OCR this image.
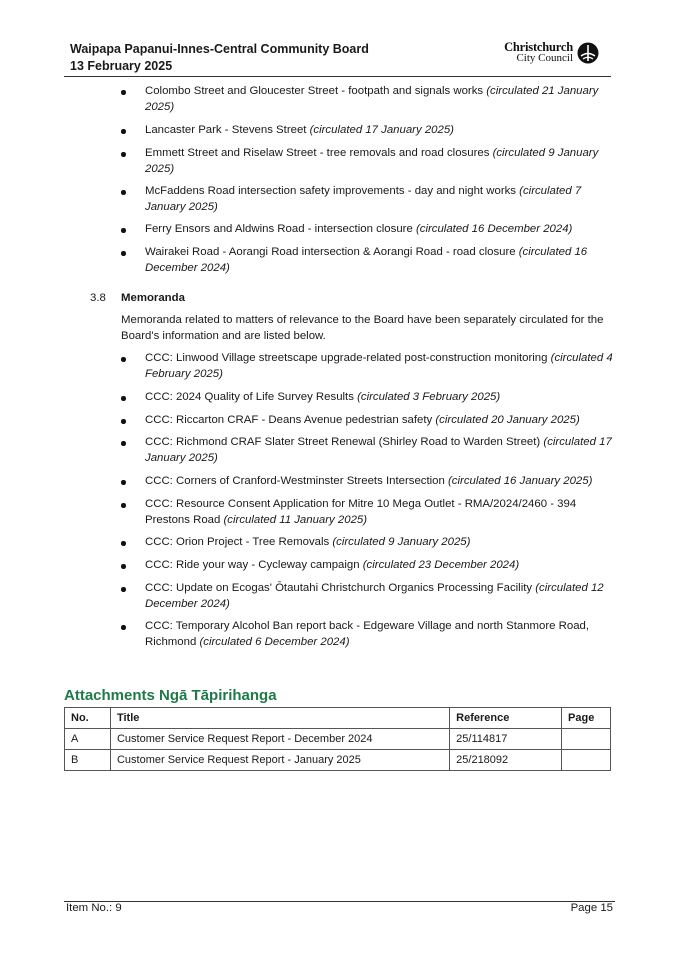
Waipapa Papanui-Innes-Central Community Board
13 February 2025
Christchurch
City Council
Colombo Street and Gloucester Street - footpath and signals works (circulated 21 January 2025)
Lancaster Park - Stevens Street (circulated 17 January 2025)
Emmett Street and Riselaw Street - tree removals and road closures (circulated 9 January 2025)
McFaddens Road intersection safety improvements - day and night works (circulated 7 January 2025)
Ferry Ensors and Aldwins Road - intersection closure (circulated 16 December 2024)
Wairakei Road - Aorangi Road intersection & Aorangi Road - road closure (circulated 16 December 2024)
3.8 Memoranda
Memoranda related to matters of relevance to the Board have been separately circulated for the Board's information and are listed below.
CCC: Linwood Village streetscape upgrade-related post-construction monitoring (circulated 4 February 2025)
CCC: 2024 Quality of Life Survey Results (circulated 3 February 2025)
CCC: Riccarton CRAF - Deans Avenue pedestrian safety (circulated 20 January 2025)
CCC: Richmond CRAF Slater Street Renewal (Shirley Road to Warden Street) (circulated 17 January 2025)
CCC: Corners of Cranford-Westminster Streets Intersection (circulated 16 January 2025)
CCC: Resource Consent Application for Mitre 10 Mega Outlet - RMA/2024/2460 - 394 Prestons Road (circulated 11 January 2025)
CCC: Orion Project - Tree Removals (circulated 9 January 2025)
CCC: Ride your way - Cycleway campaign (circulated 23 December 2024)
CCC: Update on Ecogas' Ōtautahi Christchurch Organics Processing Facility (circulated 12 December 2024)
CCC: Temporary Alcohol Ban report back - Edgeware Village and north Stanmore Road, Richmond (circulated 6 December 2024)
Attachments Ngā Tāpirihanga
No.	Title	Reference	Page
A	Customer Service Request Report - December 2024	25/114817	
B	Customer Service Request Report - January 2025	25/218092	
Item No.: 9	Page 15
